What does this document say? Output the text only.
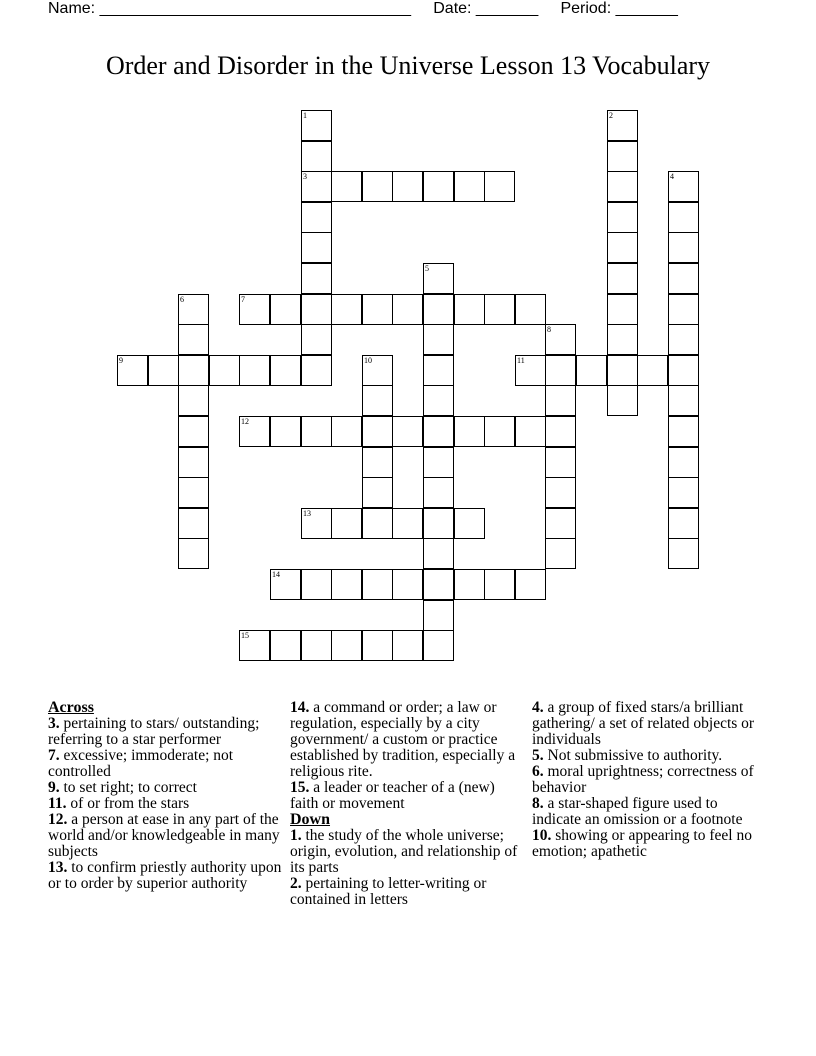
Name: ___________________________________     Date: _______     Period: _______
Order and Disorder in the Universe Lesson 13 Vocabulary
1
3
2
4
5
6	7
8
9	10	11
12
13
14
15
Across
3. pertaining to stars/ outstanding; referring to a star performer
7. excessive; immoderate; not controlled
9. to set right; to correct
11. of or from the stars
12. a person at ease in any part of the world and/or knowledgeable in many subjects
13. to confirm priestly authority upon or to order by superior authority
14. a command or order; a law or regulation, especially by a city government/ a custom or practice established by tradition, especially a religious rite.
15. a leader or teacher of a (new) faith or movement
Down
1. the study of the whole universe; origin, evolution, and relationship of its parts
2. pertaining to letter-writing or contained in letters
4. a group of fixed stars/a brilliant gathering/ a set of related objects or individuals
5. Not submissive to authority.
6. moral uprightness; correctness of behavior
8. a star-shaped figure used to indicate an omission or a footnote
10. showing or appearing to feel no emotion; apathetic
